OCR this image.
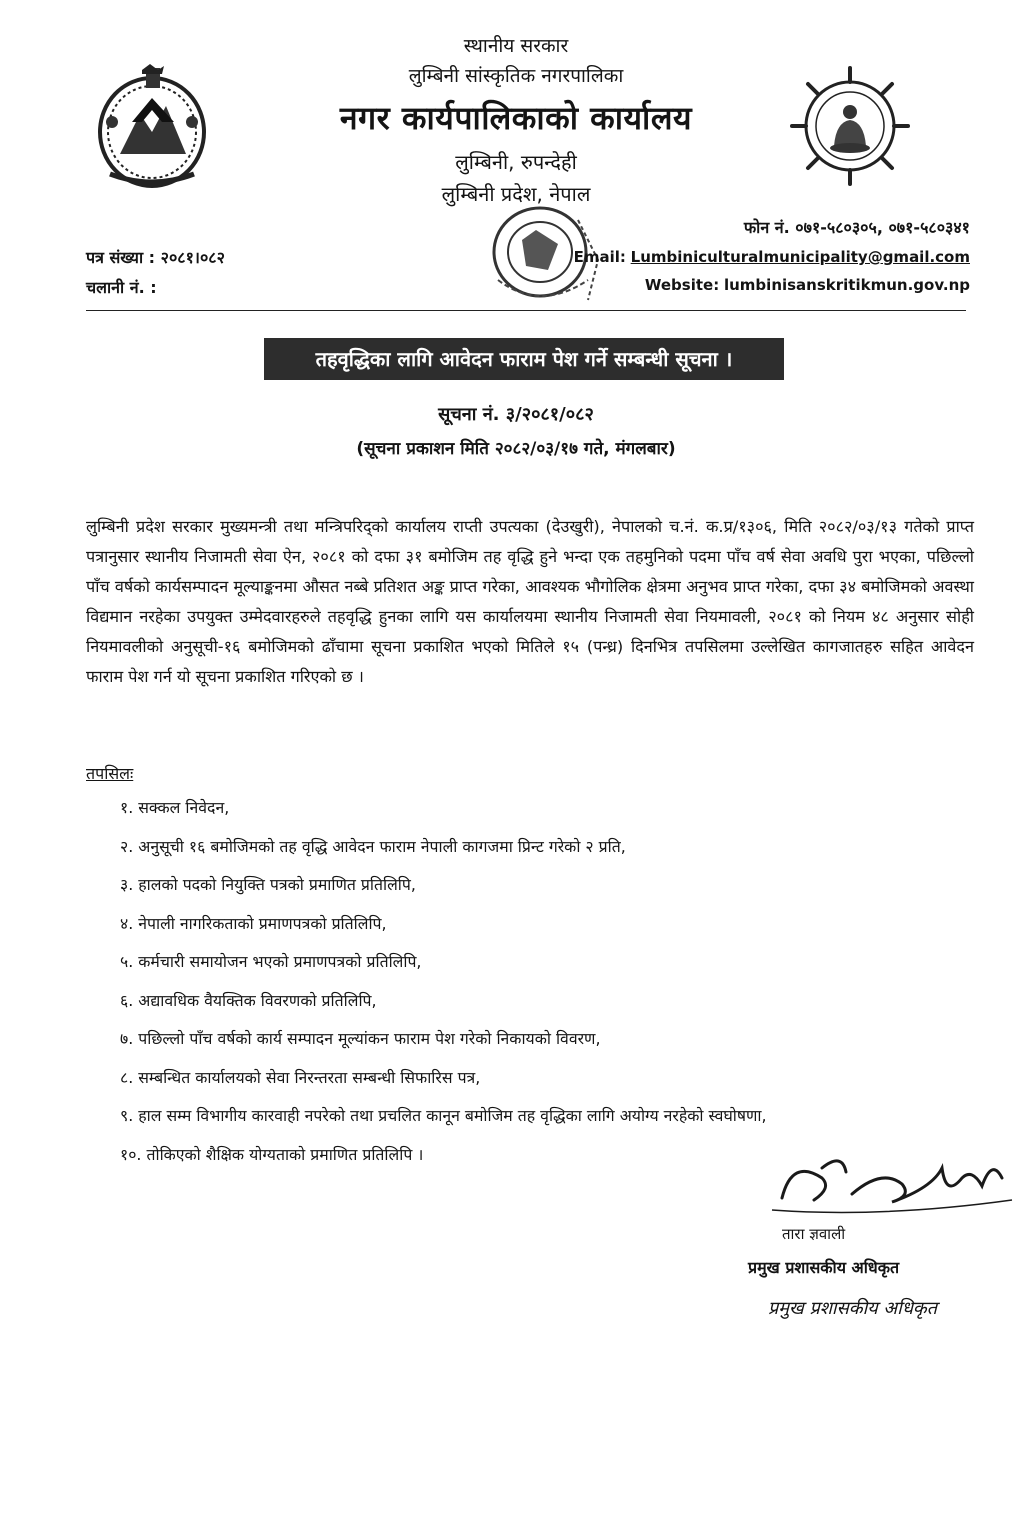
स्थानीय सरकार
लुम्बिनी सांस्कृतिक नगरपालिका
नगर कार्यपालिकाको कार्यालय
लुम्बिनी, रुपन्देही
लुम्बिनी प्रदेश, नेपाल
फोन नं. ०७१-५८०३०५, ०७१-५८०३४१
Email: Lumbiniculturalmunicipality@gmail.com
Website: lumbinisanskritikmun.gov.np
पत्र संख्या : २०८१।०८२
चलानी नं. :
तहवृद्धिका लागि आवेदन फाराम पेश गर्ने सम्बन्धी सूचना ।
सूचना नं. ३/२०८१/०८२
(सूचना प्रकाशन मिति २०८२/०३/१७ गते, मंगलबार)
लुम्बिनी प्रदेश सरकार मुख्यमन्त्री तथा मन्त्रिपरिद्को कार्यालय राप्ती उपत्यका (देउखुरी), नेपालको च.नं. क.प्र/१३०६, मिति २०८२/०३/१३ गतेको प्राप्त पत्रानुसार स्थानीय निजामती सेवा ऐन, २०८१ को दफा ३१ बमोजिम तह वृद्धि हुने भन्दा एक तहमुनिको पदमा पाँच वर्ष सेवा अवधि पुरा भएका, पछिल्लो पाँच वर्षको कार्यसम्पादन मूल्याङ्कनमा औसत नब्बे प्रतिशत अङ्क प्राप्त गरेका, आवश्यक भौगोलिक क्षेत्रमा अनुभव प्राप्त गरेका, दफा ३४ बमोजिमको अवस्था विद्यमान नरहेका उपयुक्त उम्मेदवारहरुले तहवृद्धि हुनका लागि यस कार्यालयमा स्थानीय निजामती सेवा नियमावली, २०८१ को नियम ४८ अनुसार सोही नियमावलीको अनुसूची-१६ बमोजिमको ढाँचामा सूचना प्रकाशित भएको मितिले १५ (पन्ध्र) दिनभित्र तपसिलमा उल्लेखित कागजातहरु सहित आवेदन फाराम पेश गर्न यो सूचना प्रकाशित गरिएको छ ।
तपसिलः
१. सक्कल निवेदन,
२. अनुसूची १६ बमोजिमको तह वृद्धि आवेदन फाराम नेपाली कागजमा प्रिन्ट गरेको २ प्रति,
३. हालको पदको नियुक्ति पत्रको प्रमाणित प्रतिलिपि,
४. नेपाली नागरिकताको प्रमाणपत्रको प्रतिलिपि,
५. कर्मचारी समायोजन भएको प्रमाणपत्रको प्रतिलिपि,
६. अद्यावधिक वैयक्तिक विवरणको प्रतिलिपि,
७. पछिल्लो पाँच वर्षको कार्य सम्पादन मूल्यांकन फाराम पेश गरेको निकायको विवरण,
८. सम्बन्धित कार्यालयको सेवा निरन्तरता सम्बन्धी सिफारिस पत्र,
९. हाल सम्म विभागीय कारवाही नपरेको तथा प्रचलित कानून बमोजिम तह वृद्धिका लागि अयोग्य नरहेको स्वघोषणा,
१०. तोकिएको शैक्षिक योग्यताको प्रमाणित प्रतिलिपि ।
तारा ज्ञवाली
प्रमुख प्रशासकीय अधिकृत
प्रमुख प्रशासकीय अधिकृत
